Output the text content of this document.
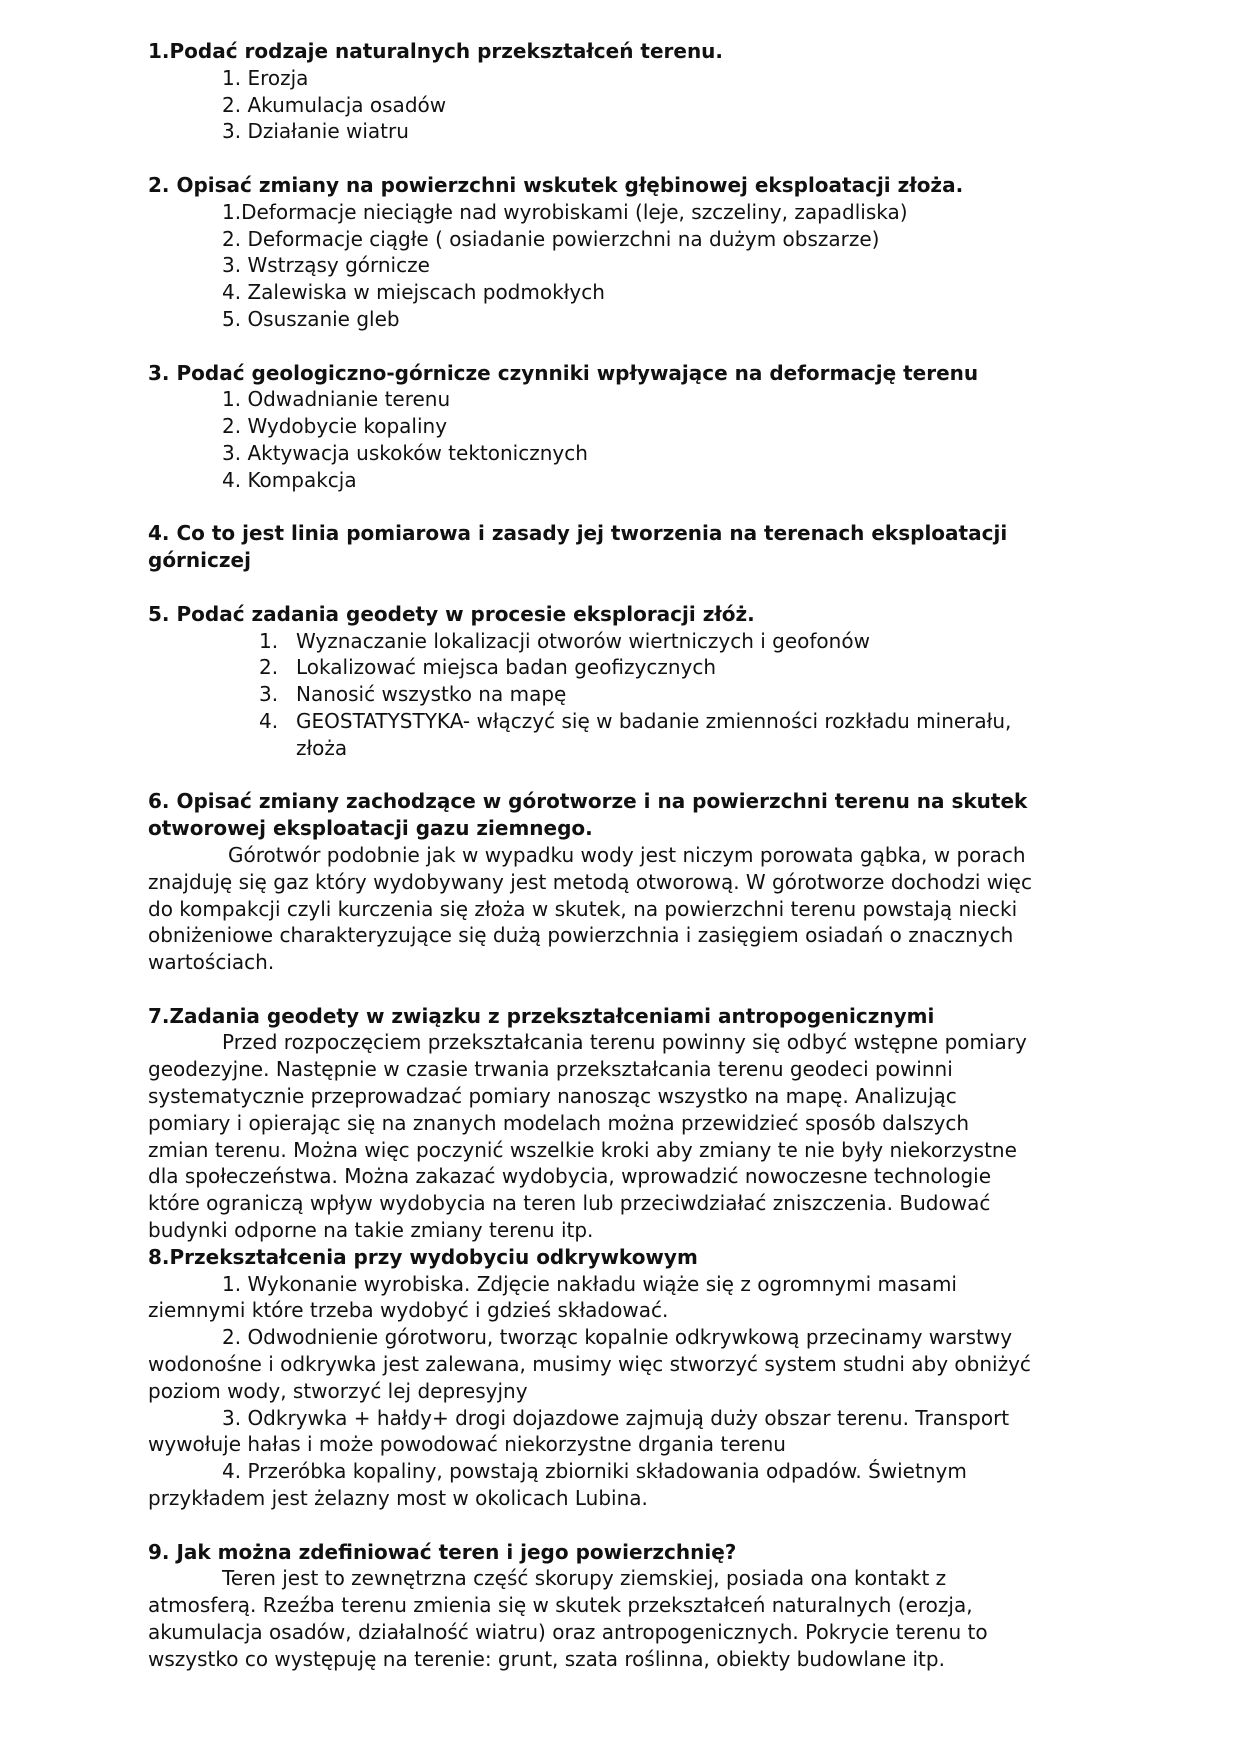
1.Podać rodzaje naturalnych przekształceń terenu.
1. Erozja
2. Akumulacja osadów
3. Działanie wiatru
2. Opisać zmiany na powierzchni wskutek głębinowej eksploatacji złoża.
1.Deformacje nieciągłe nad wyrobiskami (leje, szczeliny, zapadliska)
2. Deformacje ciągłe ( osiadanie powierzchni na dużym obszarze)
3. Wstrząsy górnicze
4. Zalewiska w miejscach podmokłych
5. Osuszanie gleb
3. Podać geologiczno-górnicze czynniki wpływające na deformację terenu
1. Odwadnianie terenu
2. Wydobycie kopaliny
3. Aktywacja uskoków tektonicznych
4. Kompakcja
4. Co to jest linia pomiarowa i zasady jej tworzenia na terenach eksploatacji
górniczej
5. Podać zadania geodety w procesie eksploracji złóż.
1. Wyznaczanie lokalizacji otworów wiertniczych i geofonów
2. Lokalizować miejsca badan geofizycznych
3. Nanosić wszystko na mapę
4. GEOSTATYSTYKA- włączyć się w badanie zmienności rozkładu minerału,
złoża
6. Opisać zmiany zachodzące w górotworze i na powierzchni terenu na skutek
otworowej eksploatacji gazu ziemnego.
Górotwór podobnie jak w wypadku wody jest niczym porowata gąbka, w porach
znajduję się gaz który wydobywany jest metodą otworową. W górotworze dochodzi więc
do kompakcji czyli kurczenia się złoża w skutek, na powierzchni terenu powstają niecki
obniżeniowe charakteryzujące się dużą powierzchnia i zasięgiem osiadań o znacznych
wartościach.
7.Zadania geodety w związku z przekształceniami antropogenicznymi
Przed rozpoczęciem przekształcania terenu powinny się odbyć wstępne pomiary
geodezyjne. Następnie w czasie trwania przekształcania terenu geodeci powinni
systematycznie przeprowadzać pomiary nanosząc wszystko na mapę. Analizując
pomiary i opierając się na znanych modelach można przewidzieć sposób dalszych
zmian terenu. Można więc poczynić wszelkie kroki aby zmiany te nie były niekorzystne
dla społeczeństwa. Można zakazać wydobycia, wprowadzić nowoczesne technologie
które ograniczą wpływ wydobycia na teren lub przeciwdziałać zniszczenia. Budować
budynki odporne na takie zmiany terenu itp.
8.Przekształcenia przy wydobyciu odkrywkowym
1. Wykonanie wyrobiska. Zdjęcie nakładu wiąże się z ogromnymi masami
ziemnymi które trzeba wydobyć i gdzieś składować.
2. Odwodnienie górotworu, tworząc kopalnie odkrywkową przecinamy warstwy
wodonośne i odkrywka jest zalewana, musimy więc stworzyć system studni aby obniżyć
poziom wody, stworzyć lej depresyjny
3. Odkrywka + hałdy+ drogi dojazdowe zajmują duży obszar terenu. Transport
wywołuje hałas i może powodować niekorzystne drgania terenu
4. Przeróbka kopaliny, powstają zbiorniki składowania odpadów. Świetnym
przykładem jest żelazny most w okolicach Lubina.
9. Jak można zdefiniować teren i jego powierzchnię?
Teren jest to zewnętrzna część skorupy ziemskiej, posiada ona kontakt z
atmosferą. Rzeźba terenu zmienia się w skutek przekształceń naturalnych (erozja,
akumulacja osadów, działalność wiatru) oraz antropogenicznych. Pokrycie terenu to
wszystko co występuję na terenie: grunt, szata roślinna, obiekty budowlane itp.
